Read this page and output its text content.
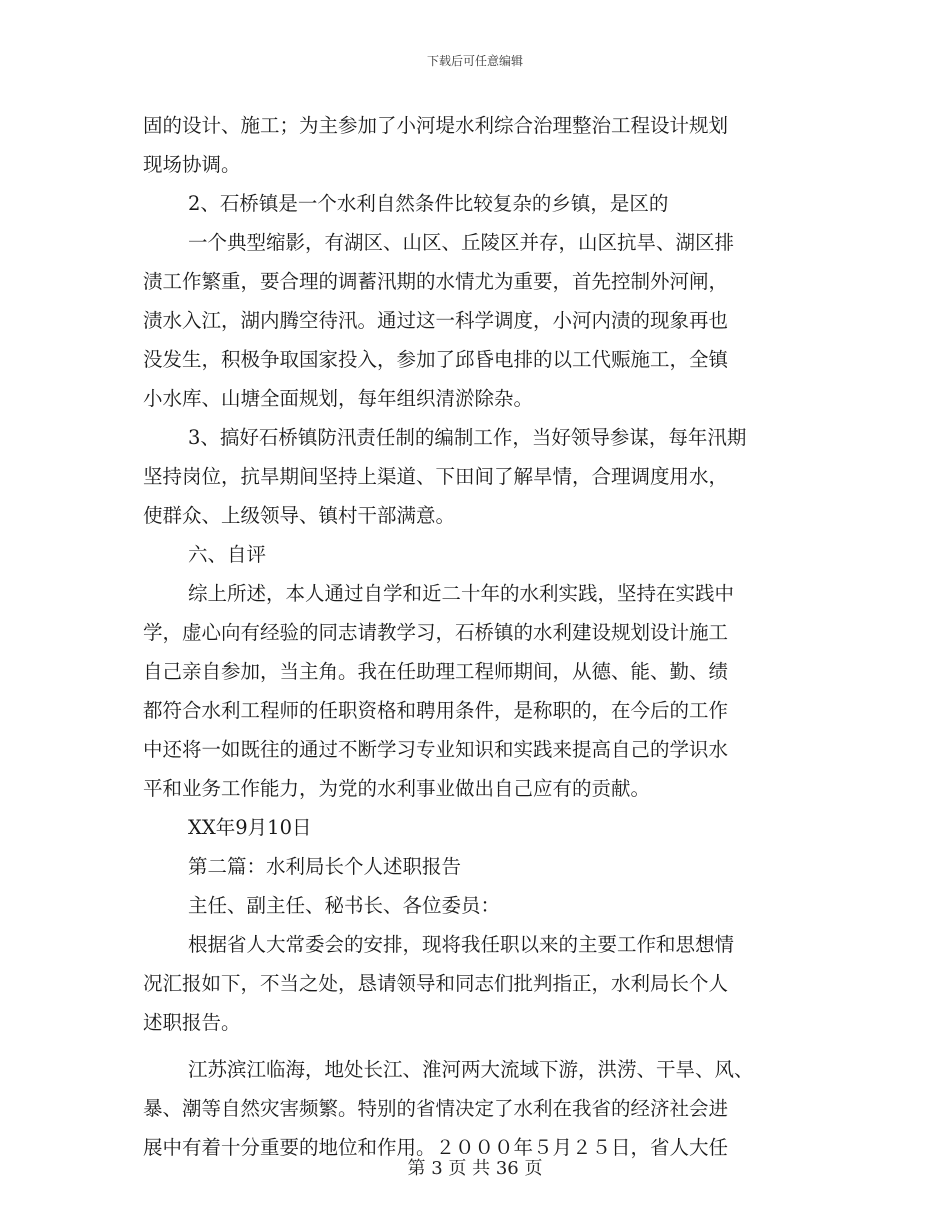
下载后可任意编辑
固的设计、施工；为主参加了小河堤水利综合治理整治工程设计规划
现场协调。
2、石桥镇是一个水利自然条件比较复杂的乡镇，是区的
一个典型缩影，有湖区、山区、丘陵区并存，山区抗旱、湖区排
渍工作繁重，要合理的调蓄汛期的水情尤为重要，首先控制外河闸，
渍水入江，湖内腾空待汛。通过这一科学调度，小河内渍的现象再也
没发生，积极争取国家投入，参加了邱昏电排的以工代赈施工，全镇
小水库、山塘全面规划，每年组织清淤除杂。
3、搞好石桥镇防汛责任制的编制工作，当好领导参谋，每年汛期
坚持岗位，抗旱期间坚持上渠道、下田间了解旱情，合理调度用水，
使群众、上级领导、镇村干部满意。
六、自评
综上所述，本人通过自学和近二十年的水利实践，坚持在实践中
学，虚心向有经验的同志请教学习，石桥镇的水利建设规划设计施工
自己亲自参加，当主角。我在任助理工程师期间，从德、能、勤、绩
都符合水利工程师的任职资格和聘用条件，是称职的，在今后的工作
中还将一如既往的通过不断学习专业知识和实践来提高自己的学识水
平和业务工作能力，为党的水利事业做出自己应有的贡献。
XX年9月10日
第二篇：水利局长个人述职报告
主任、副主任、秘书长、各位委员：
根据省人大常委会的安排，现将我任职以来的主要工作和思想情
况汇报如下，不当之处，恳请领导和同志们批判指正，水利局长个人
述职报告。
江苏滨江临海，地处长江、淮河两大流域下游，洪涝、干旱、风、
暴、潮等自然灾害频繁。特别的省情决定了水利在我省的经济社会进
展中有着十分重要的地位和作用。２０００年５月２５日，省人大任
第 3 页 共 36 页
